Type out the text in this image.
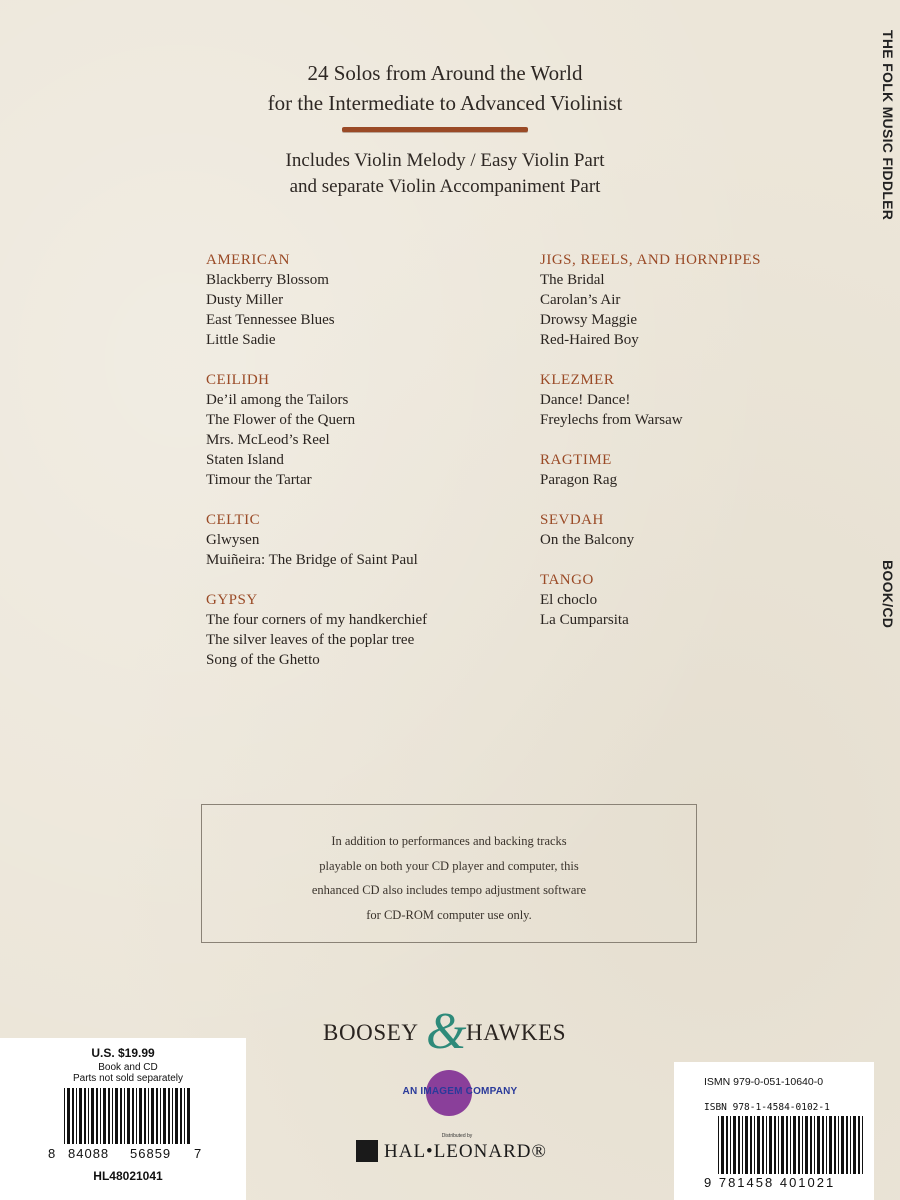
THE FOLK MUSIC FIDDLER
BOOK/CD
24 Solos from Around the World
for the Intermediate to Advanced Violinist
Includes Violin Melody / Easy Violin Part
and separate Violin Accompaniment Part
AMERICAN
Blackberry Blossom
Dusty Miller
East Tennessee Blues
Little Sadie
CEILIDH
De’il among the Tailors
The Flower of the Quern
Mrs. McLeod’s Reel
Staten Island
Timour the Tartar
CELTIC
Glwysen
Muiñeira: The Bridge of Saint Paul
GYPSY
The four corners of my handkerchief
The silver leaves of the poplar tree
Song of the Ghetto
JIGS, REELS, AND HORNPIPES
The Bridal
Carolan’s Air
Drowsy Maggie
Red-Haired Boy
KLEZMER
Dance! Dance!
Freylechs from Warsaw
RAGTIME
Paragon Rag
SEVDAH
On the Balcony
TANGO
El choclo
La Cumparsita
In addition to performances and backing tracks
playable on both your CD player and computer, this
enhanced CD also includes tempo adjustment software
for CD-ROM computer use only.
BOOSEY &
HAWKES
AN IMAGEM COMPANY
Distributed by
HAL•LEONARD®
U.S. $19.99
Book and CD
Parts not sold separately
8 84088 56859 7
HL48021041
ISMN 979-0-051-10640-0
ISBN 978-1-4584-0102-1
9 781458 401021
